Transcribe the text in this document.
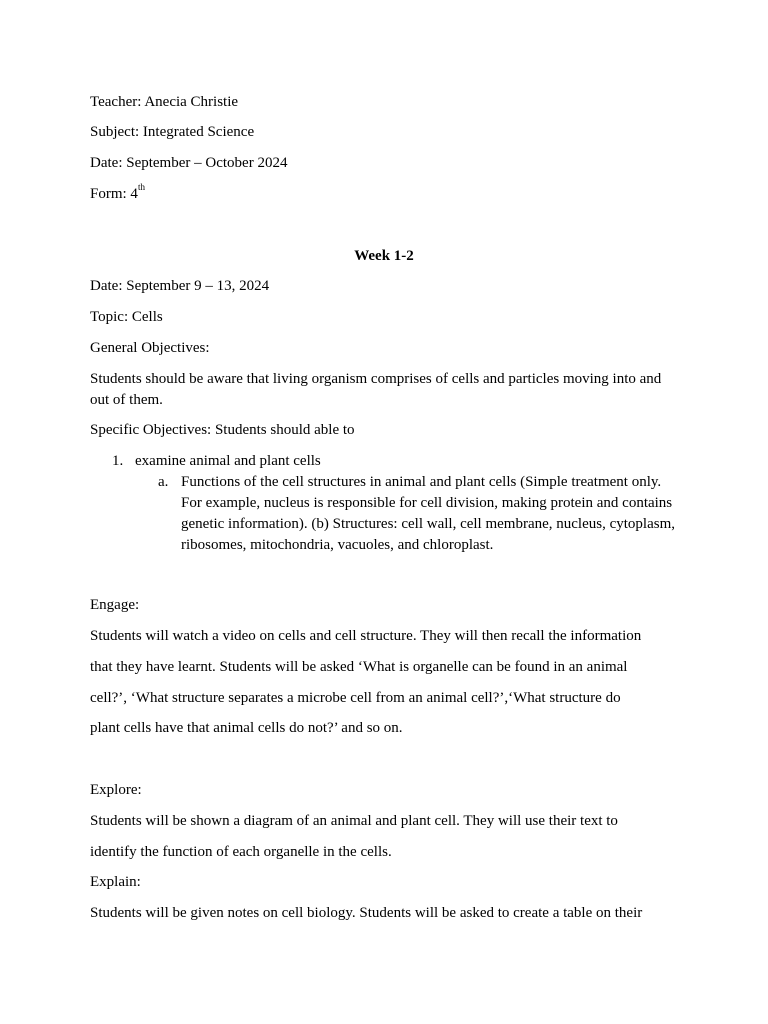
Teacher: Anecia Christie
Subject: Integrated Science
Date: September – October 2024
Form: 4th
Week 1-2
Date: September 9 – 13, 2024
Topic: Cells
General Objectives:
Students should be aware that living organism comprises of cells and particles moving into and out of them.
Specific Objectives: Students should able to
1. examine animal and plant cells
a. Functions of the cell structures in animal and plant cells (Simple treatment only. For example, nucleus is responsible for cell division, making protein and contains genetic information). (b) Structures: cell wall, cell membrane, nucleus, cytoplasm, ribosomes, mitochondria, vacuoles, and chloroplast.
Engage:
Students will watch a video on cells and cell structure. They will then recall the information
that they have learnt. Students will be asked ‘What is organelle can be found in an animal
cell?’, ‘What structure separates a microbe cell from an animal cell?’,‘What structure do
plant cells have that animal cells do not?’ and so on.
Explore:
Students will be shown a diagram of an animal and plant cell. They will use their text to
identify the function of each organelle in the cells.
Explain:
Students will be given notes on cell biology. Students will be asked to create a table on their
